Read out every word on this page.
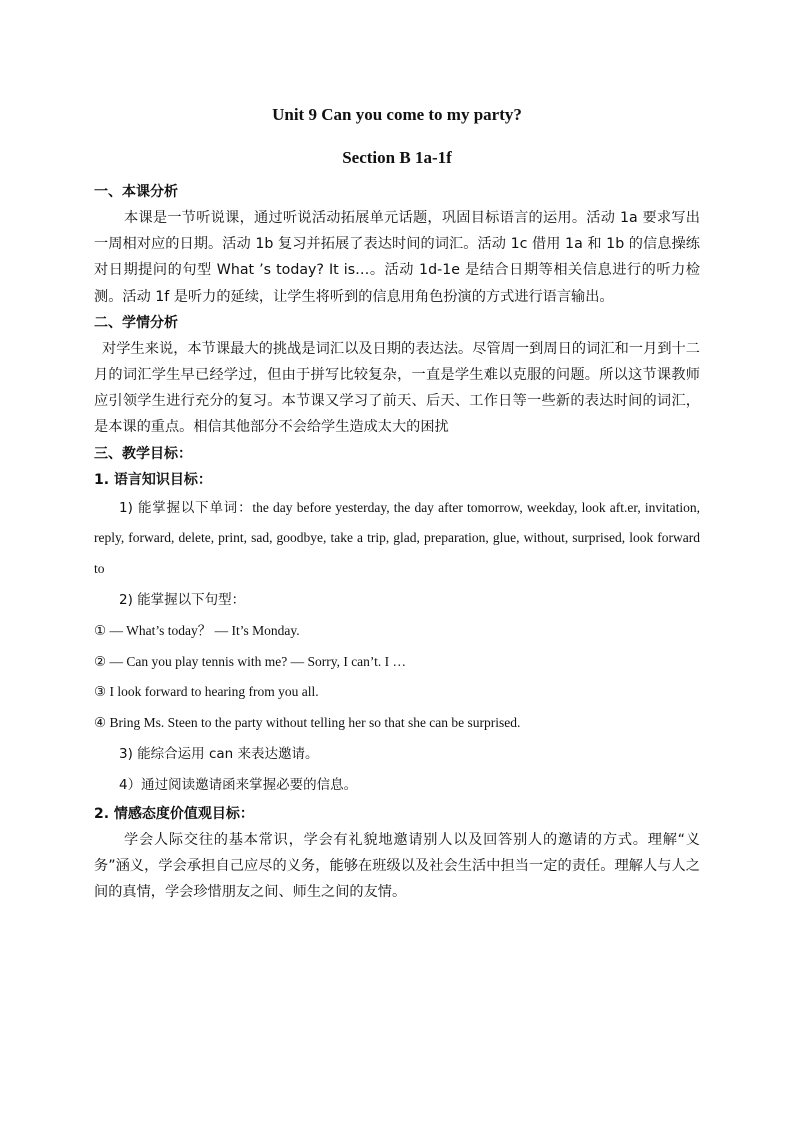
Unit 9 Can you come to my party?
Section B 1a-1f

一、本课分析

本课是一节听说课，通过听说活动拓展单元话题，巩固目标语言的运用。活动 1a 要求写出一周相对应的日期。活动 1b 复习并拓展了表达时间的词汇。活动 1c 借用 1a 和 1b 的信息操练对日期提问的句型 What ’s today? It is…。活动 1d-1e 是结合日期等相关信息进行的听力检测。活动 1f 是听力的延续，让学生将听到的信息用角色扮演的方式进行语言输出。

二、学情分析

对学生来说，本节课最大的挑战是词汇以及日期的表达法。尽管周一到周日的词汇和一月到十二月的词汇学生早已经学过，但由于拼写比较复杂，一直是学生难以克服的问题。所以这节课教师应引领学生进行充分的复习。本节课又学习了前天、后天、工作日等一些新的表达时间的词汇，是本课的重点。相信其他部分不会给学生造成太大的困扰

三、教学目标：

1. 语言知识目标：

1) 能掌握以下单词：the day before yesterday, the day after tomorrow, weekday, look aft.er, invitation, reply, forward, delete, print, sad, goodbye, take a trip, glad, preparation, glue, without, surprised, look forward to

2) 能掌握以下句型：

① — What’s today？ — It’s Monday.

② — Can you play tennis with me? — Sorry, I can’t. I …

③ I look forward to hearing from you all.

④ Bring Ms. Steen to the party without telling her so that she can be surprised.

3) 能综合运用 can 来表达邀请。

4）通过阅读邀请函来掌握必要的信息。

2. 情感态度价值观目标：

学会人际交往的基本常识，学会有礼貌地邀请别人以及回答别人的邀请的方式。理解“义务”涵义，学会承担自己应尽的义务，能够在班级以及社会生活中担当一定的责任。理解人与人之间的真情，学会珍惜朋友之间、师生之间的友情。
